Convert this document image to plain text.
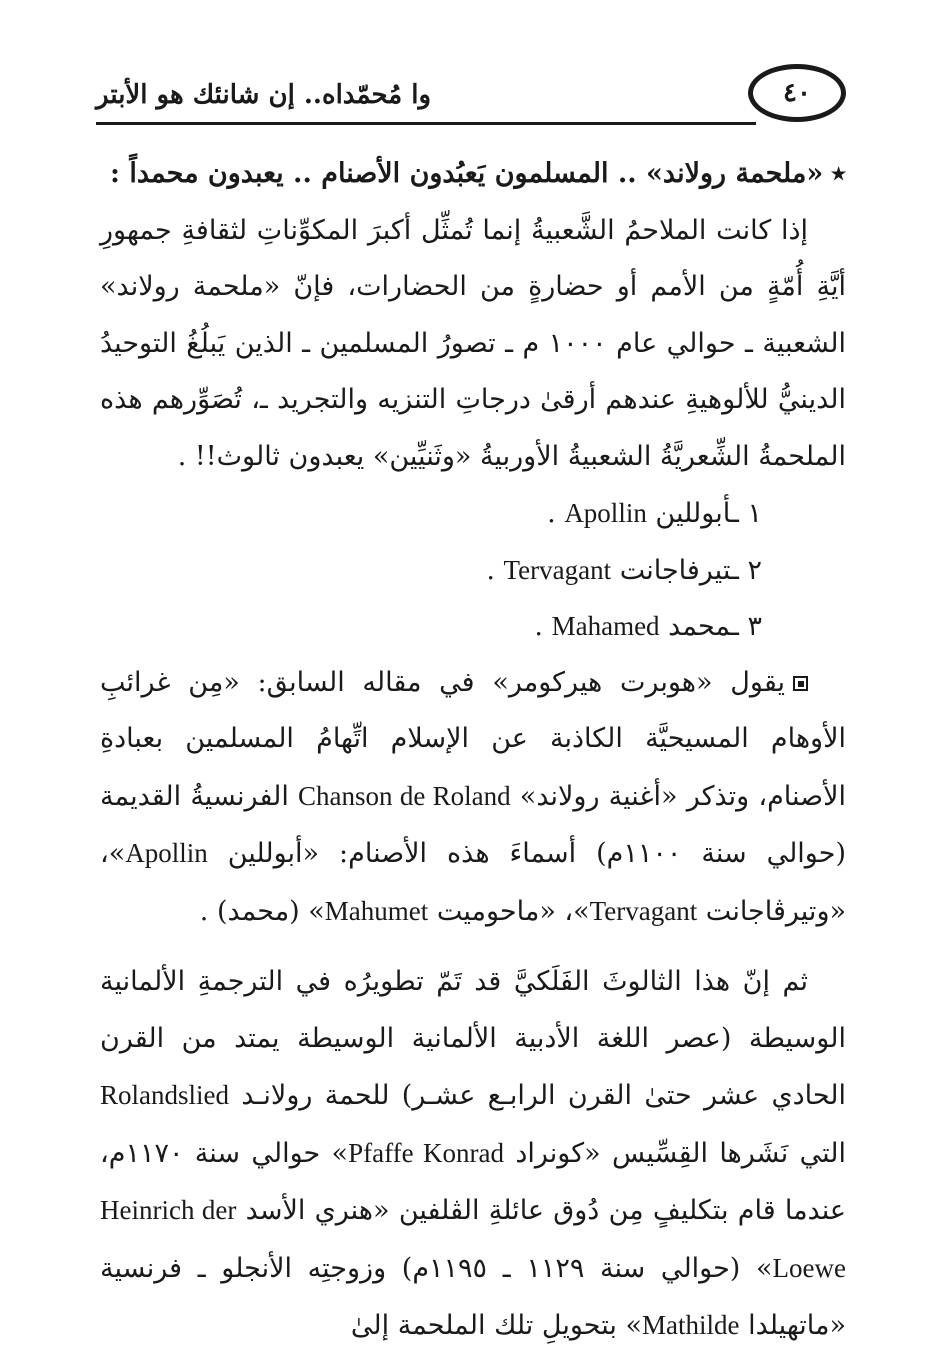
٤٠
وا مُحمّداه.. إن شانئك هو الأبتر

٭«ملحمة رولاند» .. المسلمون يَعبُدون الأصنام .. يعبدون محمداً :

إذا كانت الملاحمُ الشَّعبيةُ إنما تُمثِّل أكبرَ المكوِّناتِ لثقافةِ جمهورِ أيَّةِ أُمّةٍ من الأمم أو حضارةٍ من الحضارات، فإنّ «ملحمة رولاند» الشعبية ـ حوالي عام ١٠٠٠ م ـ تصورُ المسلمين ـ الذين يَبلُغُ التوحيدُ الدينيُّ للألوهيةِ عندهم أرقىٰ درجاتِ التنزيه والتجريد ـ، تُصَوِّرهم هذه الملحمةُ الشِّعريَّةُ الشعبيةُ الأوربيةُ «وثَنيِّين» يعبدون ثالوث!! .

١ ـأبوللين Apollin .
٢ ـتيرفاجانت Tervagant .
٣ ـمحمد Mahamed .

يقول «هوبرت هيركومر» في مقاله السابق: «مِن غرائبِ الأوهام المسيحيَّة الكاذبة عن الإسلام اتِّهامُ المسلمين بعبادةِ الأصنام، وتذكر «أغنية رولاند» Chanson de Roland الفرنسيةُ القديمة (حوالي سنة ١١٠٠م) أسماءَ هذه الأصنام: «أبوللين Apollin»، «وتيرڤاجانت Tervagant»، «ماحوميت Mahumet» (محمد) .

ثم إنّ هذا الثالوثَ الفَلَكيَّ قد تَمّ تطويرُه في الترجمةِ الألمانية الوسيطة (عصر اللغة الأدبية الألمانية الوسيطة يمتد من القرن الحادي عشر حتىٰ القرن الرابـع عشـر) للحمة رولانـد Rolandslied التي نَشَرها القِسِّيس «كونراد Pfaffe Konrad» حوالي سنة ١١٧٠م، عندما قام بتكليفٍ مِن دُوق عائلةِ الڤلفين «هنري الأسد Heinrich der Loewe» (حوالي سنة ١١٢٩ ـ ١١٩٥م) وزوجتِه الأنجلو ـ فرنسية «ماتهيلدا Mathilde» بتحويلِ تلك الملحمة إلىٰ
